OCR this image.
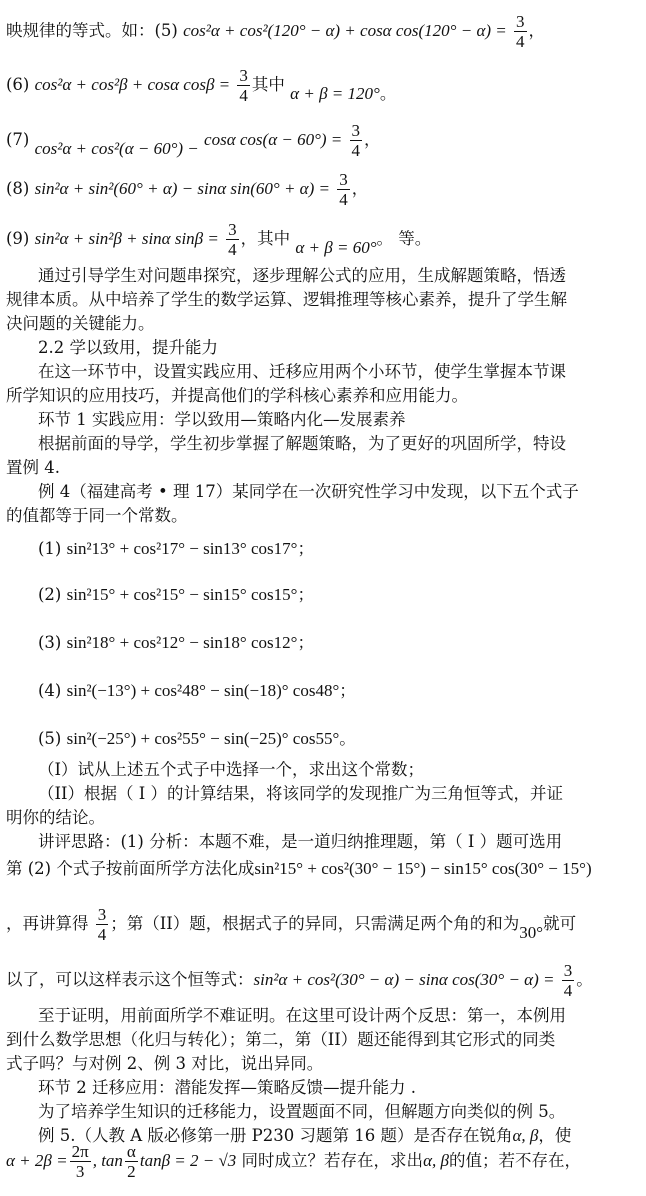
映规律的等式。如：(5) cos²α + cos²(120° − α) + cosα $\cos(120^\circ - \alpha) = \frac{3}{4}$ ，
(6) cos²α + cos²β + cosα $\cos\beta = \frac{3}{4}$ 其中 α + β = 120°。
(7) cos²α + cos²(α − 60°) − cosα $\cos(\alpha - 60^\circ) = \frac{3}{4}$ ，
(8) sin²α + sin²(60° + α) − sinα $\sin(60^\circ + \alpha) = \frac{3}{4}$ ，
(9) sin²α + sin²β + sinα $\sin\beta = \frac{3}{4}$ ，其中 α + β = 60°。 等。
通过引导学生对问题串探究，逐步理解公式的应用，生成解题策略，悟透
规律本质。从中培养了学生的数学运算、逻辑推理等核心素养，提升了学生解
决问题的关键能力。
2.2 学以致用，提升能力
在这一环节中，设置实践应用、迁移应用两个小环节，使学生掌握本节课
所学知识的应用技巧，并提高他们的学科核心素养和应用能力。
环节 1 实践应用：学以致用—策略内化—发展素养
根据前面的导学，学生初步掌握了解题策略，为了更好的巩固所学，特设
置例 4.
例 4（福建高考 • 理 17）某同学在一次研究性学习中发现，以下五个式子
的值都等于同一个常数。
(1) sin²13° + cos²17° − sin13° cos17°；
(2) sin²15° + cos²15° − sin15° cos15°；
(3) sin²18° + cos²12° − sin18° cos12°；
(4) sin²(−13°) + cos²48° − sin(−18)° cos48°；
(5) sin²(−25°) + cos²55° − sin(−25)° cos55°。
（I）试从上述五个式子中选择一个，求出这个常数；
（II）根据（ I ）的计算结果，将该同学的发现推广为三角恒等式，并证
明你的结论。
讲评思路：(1) 分析：本题不难，是一道归纳推理题，第（ I ）题可选用
第 (2) 个式子按前面所学方法化成sin²15° + cos²(30° − 15°) − sin15° cos(30° − 15°)
，再讲算得 $\frac{3}{4}$ ；第（II）题，根据式子的异同，只需满足两个角的和为30°就可
以了，可以这样表示这个恒等式：sin²α + cos²(30° − α) − sinα $\cos(30^\circ - \alpha) = \frac{3}{4}$ 。
至于证明，用前面所学不难证明。在这里可设计两个反思：第一，本例用
到什么数学思想（化归与转化）；第二，第（II）题还能得到其它形式的同类
式子吗？与对例 2、例 3 对比，说出异同。
环节 2 迁移应用：潜能发挥—策略反馈—提升能力 .
为了培养学生知识的迁移能力，设置题面不同，但解题方向类似的例 5。
例 5.（人教 A 版必修第一册 P230 习题第 16 题）是否存在锐角α, β，使
$\alpha + 2\beta = \frac{2\pi}{3}$ , $\tan \frac{\alpha}{2}$ tanβ = 2 − √3 同时成立？若存在，求出α, β的值；若不存在，
